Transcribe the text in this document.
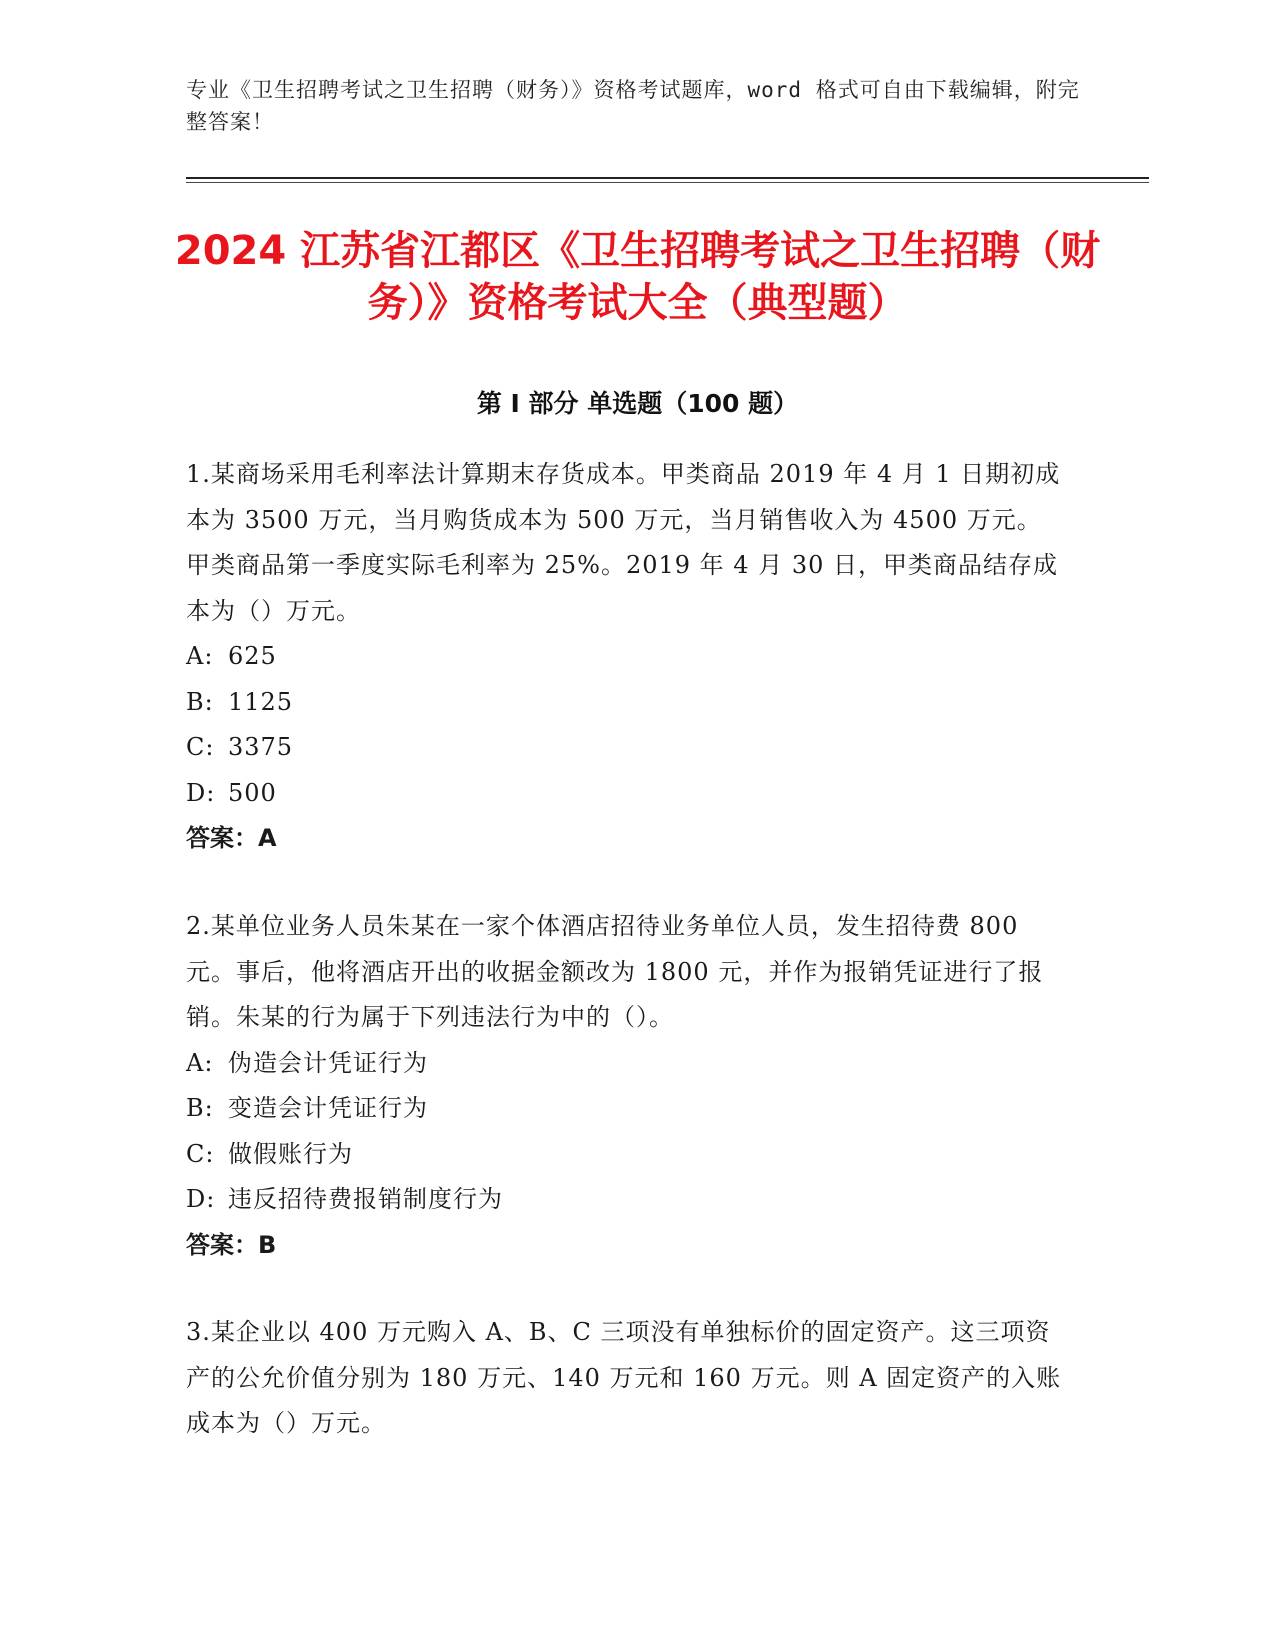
专业《卫生招聘考试之卫生招聘（财务）》资格考试题库，word 格式可自由下载编辑，附完整答案！
2024 江苏省江都区《卫生招聘考试之卫生招聘（财务）》资格考试大全（典型题）
第 I 部分 单选题（100 题）

1.某商场采用毛利率法计算期末存货成本。甲类商品 2019 年 4 月 1 日期初成本为 3500 万元，当月购货成本为 500 万元，当月销售收入为 4500 万元。甲类商品第一季度实际毛利率为 25%。2019 年 4 月 30 日，甲类商品结存成本为（）万元。

A: 625

B: 1125

C: 3375

D: 500

答案：A

2.某单位业务人员朱某在一家个体酒店招待业务单位人员，发生招待费 800 元。事后，他将酒店开出的收据金额改为 1800 元，并作为报销凭证进行了报销。朱某的行为属于下列违法行为中的（）。

A: 伪造会计凭证行为

B: 变造会计凭证行为

C: 做假账行为

D: 违反招待费报销制度行为

答案：B

3.某企业以 400 万元购入 A、B、C 三项没有单独标价的固定资产。这三项资产的公允价值分别为 180 万元、140 万元和 160 万元。则 A 固定资产的入账成本为（）万元。
